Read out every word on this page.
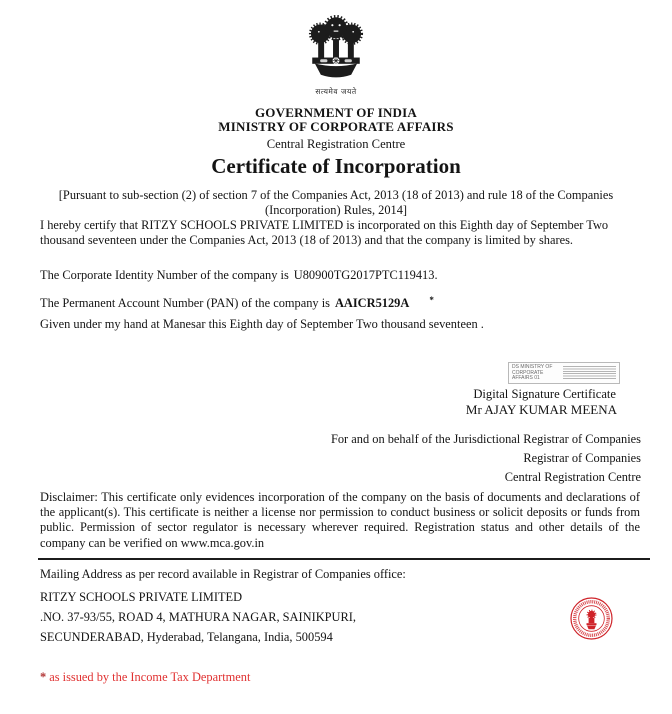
सत्यमेव जयते
GOVERNMENT OF INDIA
MINISTRY OF CORPORATE AFFAIRS
Central Registration Centre
Certificate of Incorporation
[Pursuant to sub-section (2) of section 7 of the Companies Act, 2013 (18 of 2013) and rule 18 of the Companies (Incorporation) Rules, 2014]
I hereby certify that RITZY SCHOOLS PRIVATE LIMITED is incorporated on this Eighth day of September Two thousand seventeen under the Companies Act, 2013 (18 of 2013) and that the company is limited by shares.
The Corporate Identity Number of the company is U80900TG2017PTC119413.
The Permanent Account Number (PAN) of the company is AAICR5129A *
Given under my hand at Manesar this Eighth day of September Two thousand seventeen .
DS MINISTRY OF CORPORATE AFFAIRS 01
Digital Signature Certificate
Mr AJAY KUMAR MEENA
For and on behalf of the Jurisdictional Registrar of Companies
Registrar of Companies
Central Registration Centre
Disclaimer: This certificate only evidences incorporation of the company on the basis of documents and declarations of the applicant(s). This certificate is neither a license nor permission to conduct business or solicit deposits or funds from public. Permission of sector regulator is necessary wherever required. Registration status and other details of the company can be verified on www.mca.gov.in
Mailing Address as per record available in Registrar of Companies office:
RITZY SCHOOLS PRIVATE LIMITED
.NO. 37-93/55, ROAD 4, MATHURA NAGAR, SAINIKPURI,
SECUNDERABAD, Hyderabad, Telangana, India, 500594
* as issued by the Income Tax Department
